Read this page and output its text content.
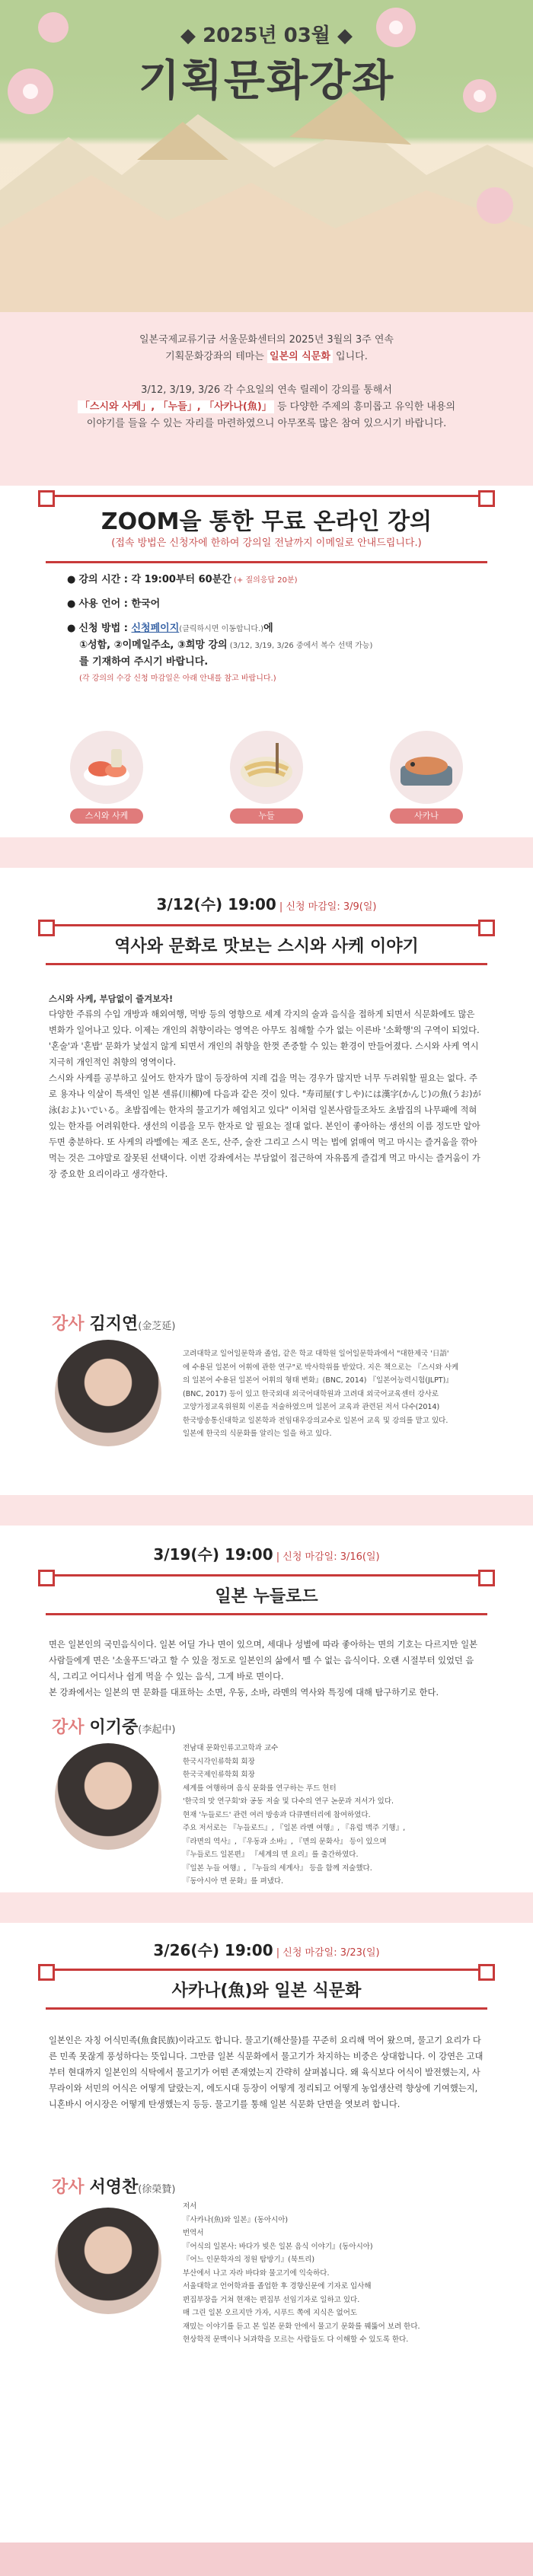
◆ 2025년 03월 ◆
기획문화강좌

일본국제교류기금 서울문화센터의 2025년 3월의 3주 연속

기획문화강좌의 테마는 일본의 식문화 입니다.

3/12, 3/19, 3/26 각 수요일의 연속 릴레이 강의를 통해서

「스시와 사케」, 「누들」, 「사카나(魚)」 등 다양한 주제의 흥미롭고 유익한 내용의

이야기를 들을 수 있는 자리를 마련하였으니 아무쪼록 많은 참여 있으시기 바랍니다.

ZOOM을 통한 무료 온라인 강의
(접속 방법은 신청자에 한하여 강의일 전날까지 이메일로 안내드립니다.)
● 강의 시간 : 각 19:00부터 60분간 (+ 질의응답 20분)
● 사용 언어 : 한국어
● 신청 방법 : 신청페이지(클릭하시면 이동합니다.)에
①성함, ②이메일주소, ③희망 강의 (3/12, 3/19, 3/26 중에서 복수 선택 가능)
를 기재하여 주시기 바랍니다.
(각 강의의 수강 신청 마감일은 아래 안내를 참고 바랍니다.)
스시와 사케	누들	사카나
3/12(수) 19:00 | 신청 마감일: 3/9(일)
역사와 문화로 맛보는 스시와 사케 이야기
스시와 사케, 부담없이 즐겨보자!
다양한 주류의 수입 개방과 해외여행, 먹방 등의 영향으로 세계 각지의 술과 음식을 접하게 되면서 식문화에도 많은 변화가 일어나고 있다. 이제는 개인의 취향이라는 영역은 아무도 침해할 수가 없는 이른바 '소확행'의 구역이 되었다. '혼술'과 '혼밥' 문화가 낯설지 않게 되면서 개인의 취향을 한껏 존중할 수 있는 환경이 만들어졌다. 스시와 사케 역시 지극히 개인적인 취향의 영역이다.
스시와 사케를 공부하고 싶어도 한자가 많이 등장하여 지레 겁을 먹는 경우가 많지만 너무 두려워할 필요는 없다. 주로 용자나 익살이 특색인 일본 센류(川柳)에 다음과 같은 것이 있다. "寿司屋(すしや)には漢字(かんじ)の魚(うお)が泳(およ)いでいる。초밥집에는 한자의 물고기가 헤엄치고 있다" 이처럼 일본사람들조차도 초밥집의 나무패에 적혀 있는 한자를 어려워한다. 생선의 이름을 모두 한자로 알 필요는 절대 없다. 본인이 좋아하는 생선의 이름 정도만 알아두면 충분하다. 또 사케의 라벨에는 제조 온도, 산주, 술잔 그리고 스시 먹는 법에 얽매여 먹고 마시는 즐거움을 깎아 먹는 것은 그야말로 잘못된 선택이다. 이번 강좌에서는 부담없이 접근하여 자유롭게 즐겁게 먹고 마시는 즐거움이 가장 중요한 요리이라고 생각한다.
강사 김지연(金芝延)
고려대학교 일어일문학과 졸업, 같은 학교 대학원 일어일문학과에서 "대한제국 '日語'
에 수용된 일본어 어휘에 관한 연구"로 박사학위를 받았다. 지은 책으로는 『스시와 사케
의 일본어 수용된 일본어 어휘의 형태 변화』(BNC, 2014) 『일본어능력시험(JLPT)』
(BNC, 2017) 등이 있고 한국외대 외국어대학원과 고려대 외국어교육센터 강사로
고양가정교육위원회 이론을 저술하였으며 일본어 교육과 관련된 저서 다수(2014)
한국방송통신대학교 일본학과 전임대우강의교수로 일본어 교육 및 강의를 맡고 있다.
일본에 한국의 식문화를 알리는 일을 하고 있다.
3/19(수) 19:00 | 신청 마감일: 3/16(일)
일본 누들로드
면은 일본인의 국민음식이다. 일본 어딜 가나 면이 있으며, 세대나 성별에 따라 좋아하는 면의 기호는 다르지만 일본 사람들에게 면은 '소울푸드'라고 할 수 있을 정도로 일본인의 삶에서 뗄 수 없는 음식이다. 오랜 시절부터 있었던 음식, 그리고 어디서나 쉽게 먹을 수 있는 음식, 그게 바로 면이다.
본 강좌에서는 일본의 면 문화를 대표하는 소면, 우동, 소바, 라멘의 역사와 특징에 대해 탐구하기로 한다.
강사 이기중(李起中)
전남대 문화인류고고학과 교수
한국시각인류학회 회장
한국국제인류학회 회장
세계를 여행하며 음식 문화를 연구하는 푸드 헌터
'한국의 맛 연구회'와 공동 저술 및 다수의 연구 논문과 저서가 있다.
현재 '누들로드' 관련 여러 방송과 다큐멘터리에 참여하였다.
주요 저서로는 『누들로드』, 『일본 라멘 여행』, 『유럽 맥주 기행』,
『라면의 역사』, 『우동과 소바』, 『면의 문화사』 등이 있으며
『누들로드 일본편』 『세계의 면 요리』를 출간하였다.
『일본 누들 여행』, 『누들의 세계사』 등을 함께 저술했다.
『동아시아 면 문화』를 펴냈다.
3/26(수) 19:00 | 신청 마감일: 3/23(일)
사카나(魚)와 일본 식문화
일본인은 자칭 어식민족(魚食民族)이라고도 합니다. 물고기(해산물)를 꾸준히 요리해 먹어 왔으며, 물고기 요리가 다른 민족 못잖게 풍성하다는 뜻입니다. 그만큼 일본 식문화에서 물고기가 차지하는 비중은 상대합니다. 이 강연은 고대부터 현대까지 일본인의 식탁에서 물고기가 어떤 존재였는지 간략히 살펴봅니다. 왜 육식보다 어식이 발전했는지, 사무라이와 서민의 어식은 어떻게 달랐는지, 에도시대 등장이 어떻게 정리되고 어떻게 농업생산력 향상에 기여했는지, 니혼바시 어시장은 어떻게 탄생했는지 등등. 물고기를 통해 일본 식문화 단면을 엿보려 합니다.
강사 서영찬(徐榮贊)
저서
『사카나(魚)와 일본』(동아시아)
번역서
『어식의 일본사: 바다가 빚은 일본 음식 이야기』(동아시아)
『어느 인문학자의 정원 탐방기』(북트리)
부산에서 나고 자라 바다와 물고기에 익숙하다.
서울대학교 언어학과를 졸업한 후 경향신문에 기자로 입사해
편집부장을 거쳐 현재는 편집부 선임기자로 일하고 있다.
매 그린 일본 오르지만 가자, 시푸드 쪽에 지식은 없어도
재밌는 이야기를 듣고 본 일본 문화 안에서 물고기 문화를 꿰뚫어 보려 한다.
현상학적 문맥이나 뇌과학을 모르는 사람들도 다 이해할 수 있도록 한다.
